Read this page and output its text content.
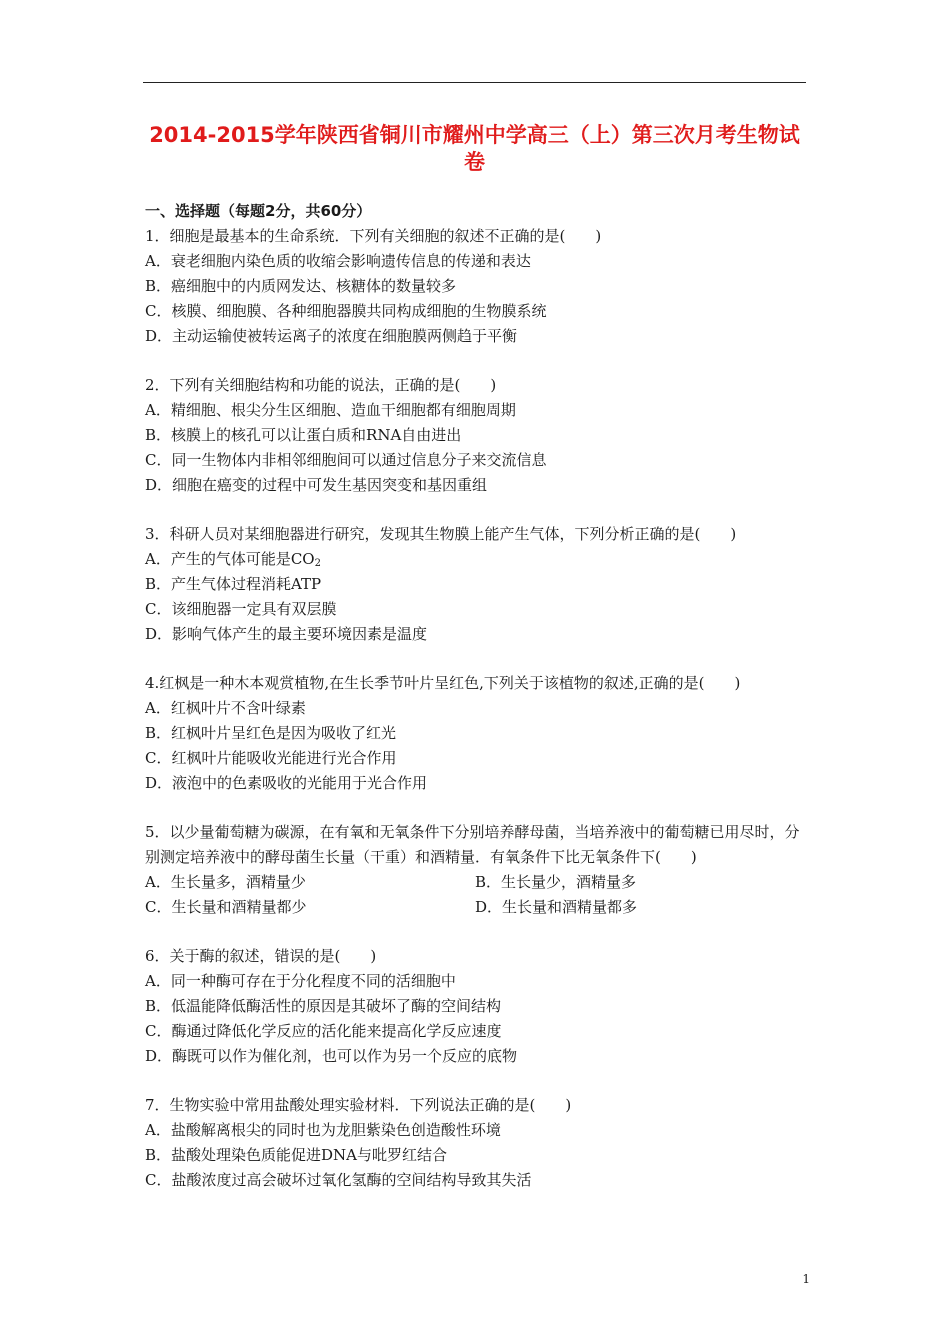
2014-2015学年陕西省铜川市耀州中学高三（上）第三次月考生物试卷
一、选择题（每题2分，共60分）
1．细胞是最基本的生命系统．下列有关细胞的叙述不正确的是(　　)
A．衰老细胞内染色质的收缩会影响遗传信息的传递和表达
B．癌细胞中的内质网发达、核糖体的数量较多
C．核膜、细胞膜、各种细胞器膜共同构成细胞的生物膜系统
D．主动运输使被转运离子的浓度在细胞膜两侧趋于平衡
2．下列有关细胞结构和功能的说法，正确的是(　　)
A．精细胞、根尖分生区细胞、造血干细胞都有细胞周期
B．核膜上的核孔可以让蛋白质和RNA自由进出
C．同一生物体内非相邻细胞间可以通过信息分子来交流信息
D．细胞在癌变的过程中可发生基因突变和基因重组
3．科研人员对某细胞器进行研究，发现其生物膜上能产生气体，下列分析正确的是(　　)
A．产生的气体可能是$CO_2$
B．产生气体过程消耗ATP
C．该细胞器一定具有双层膜
D．影响气体产生的最主要环境因素是温度
4.红枫是一种木本观赏植物,在生长季节叶片呈红色,下列关于该植物的叙述,正确的是(　　)
A．红枫叶片不含叶绿素
B．红枫叶片呈红色是因为吸收了红光
C．红枫叶片能吸收光能进行光合作用
D．液泡中的色素吸收的光能用于光合作用
5．以少量葡萄糖为碳源，在有氧和无氧条件下分别培养酵母菌，当培养液中的葡萄糖已用尽时，分别测定培养液中的酵母菌生长量（干重）和酒精量．有氧条件下比无氧条件下(　　)
A．生长量多，酒精量少	B．生长量少，酒精量多
C．生长量和酒精量都少	D．生长量和酒精量都多
6．关于酶的叙述，错误的是(　　)
A．同一种酶可存在于分化程度不同的活细胞中
B．低温能降低酶活性的原因是其破坏了酶的空间结构
C．酶通过降低化学反应的活化能来提高化学反应速度
D．酶既可以作为催化剂，也可以作为另一个反应的底物
7．生物实验中常用盐酸处理实验材料．下列说法正确的是(　　)
A．盐酸解离根尖的同时也为龙胆紫染色创造酸性环境
B．盐酸处理染色质能促进DNA与吡罗红结合
C．盐酸浓度过高会破坏过氧化氢酶的空间结构导致其失活
1
